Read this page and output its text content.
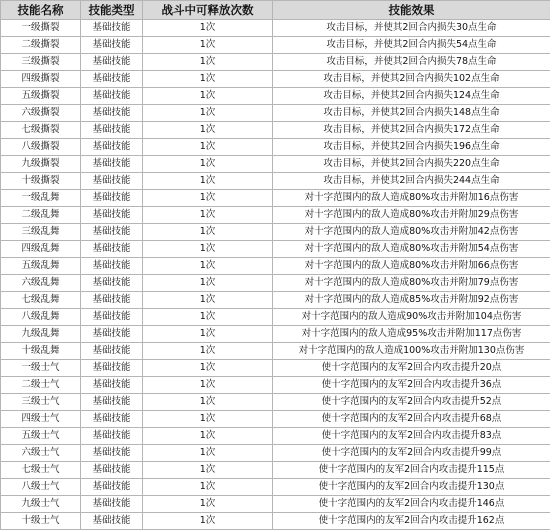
技能名称	技能类型	战斗中可释放次数	技能效果
一级撕裂	基础技能	1次	攻击目标，并使其2回合内损失30点生命
二级撕裂	基础技能	1次	攻击目标，并使其2回合内损失54点生命
三级撕裂	基础技能	1次	攻击目标，并使其2回合内损失78点生命
四级撕裂	基础技能	1次	攻击目标，并使其2回合内损失102点生命
五级撕裂	基础技能	1次	攻击目标，并使其2回合内损失124点生命
六级撕裂	基础技能	1次	攻击目标，并使其2回合内损失148点生命
七级撕裂	基础技能	1次	攻击目标，并使其2回合内损失172点生命
八级撕裂	基础技能	1次	攻击目标，并使其2回合内损失196点生命
九级撕裂	基础技能	1次	攻击目标，并使其2回合内损失220点生命
十级撕裂	基础技能	1次	攻击目标，并使其2回合内损失244点生命
一级乱舞	基础技能	1次	对十字范围内的敌人造成80%攻击并附加16点伤害
二级乱舞	基础技能	1次	对十字范围内的敌人造成80%攻击并附加29点伤害
三级乱舞	基础技能	1次	对十字范围内的敌人造成80%攻击并附加42点伤害
四级乱舞	基础技能	1次	对十字范围内的敌人造成80%攻击并附加54点伤害
五级乱舞	基础技能	1次	对十字范围内的敌人造成80%攻击并附加66点伤害
六级乱舞	基础技能	1次	对十字范围内的敌人造成80%攻击并附加79点伤害
七级乱舞	基础技能	1次	对十字范围内的敌人造成85%攻击并附加92点伤害
八级乱舞	基础技能	1次	对十字范围内的敌人造成90%攻击并附加104点伤害
九级乱舞	基础技能	1次	对十字范围内的敌人造成95%攻击并附加117点伤害
十级乱舞	基础技能	1次	对十字范围内的敌人造成100%攻击并附加130点伤害
一级士气	基础技能	1次	使十字范围内的友军2回合内攻击提升20点
二级士气	基础技能	1次	使十字范围内的友军2回合内攻击提升36点
三级士气	基础技能	1次	使十字范围内的友军2回合内攻击提升52点
四级士气	基础技能	1次	使十字范围内的友军2回合内攻击提升68点
五级士气	基础技能	1次	使十字范围内的友军2回合内攻击提升83点
六级士气	基础技能	1次	使十字范围内的友军2回合内攻击提升99点
七级士气	基础技能	1次	使十字范围内的友军2回合内攻击提升115点
八级士气	基础技能	1次	使十字范围内的友军2回合内攻击提升130点
九级士气	基础技能	1次	使十字范围内的友军2回合内攻击提升146点
十级士气	基础技能	1次	使十字范围内的友军2回合内攻击提升162点
